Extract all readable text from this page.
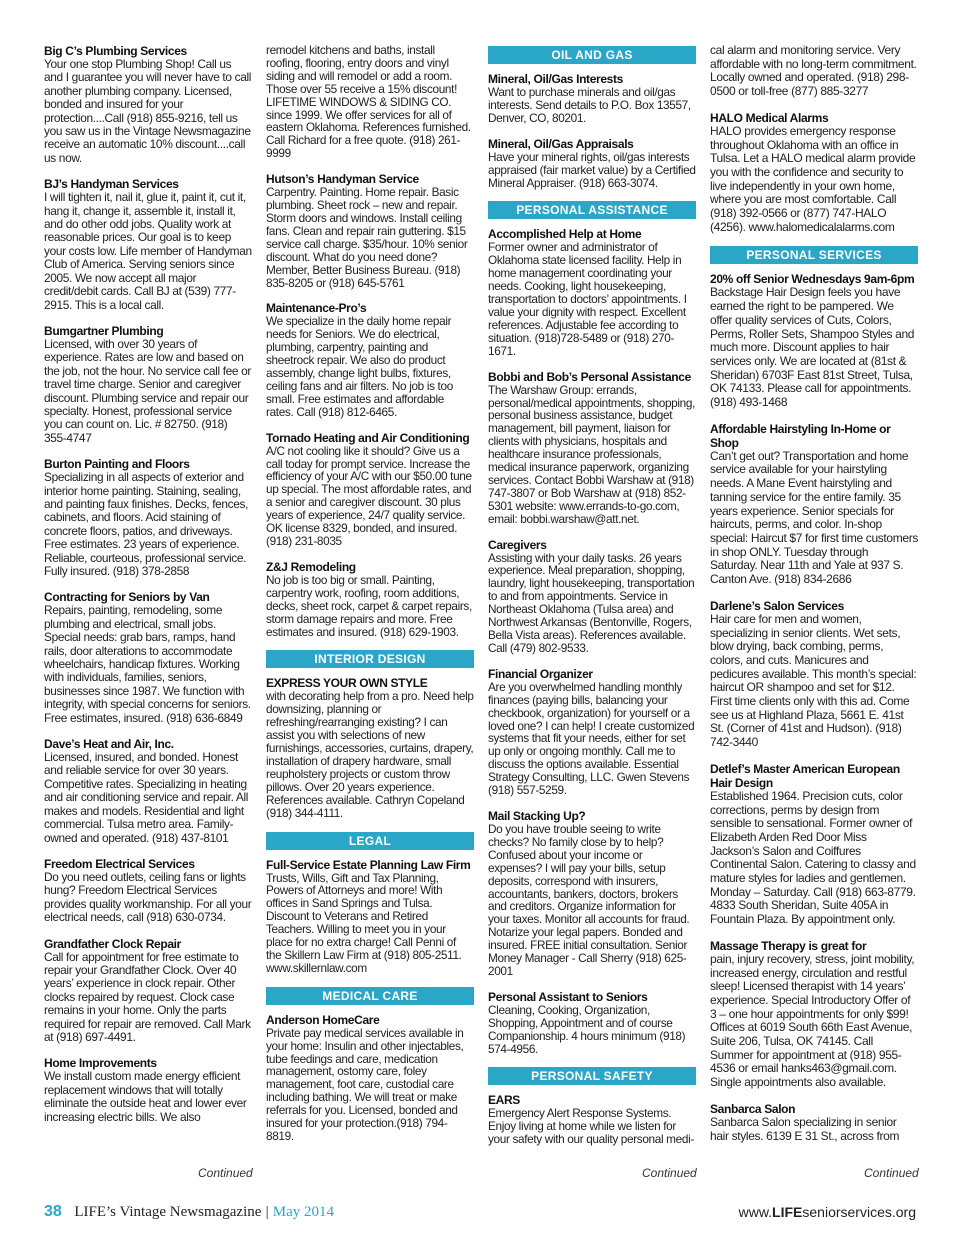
Big C’s Plumbing Services

Your one stop Plumbing Shop! Call us and I guarantee you will never have to call another plumbing company. Licensed, bonded and insured for your protection....Call (918) 855-9216, tell us you saw us in the Vintage Newsmagazine receive an automatic 10% discount....call us now.

BJ’s Handyman Services

I will tighten it, nail it, glue it, paint it, cut it, hang it, change it, assemble it, install it, and do other odd jobs. Quality work at reasonable prices. Our goal is to keep your costs low. Life member of Handyman Club of America. Serving seniors since 2005. We now accept all major credit/debit cards. Call BJ at (539) 777-2915. This is a local call.

Bumgartner Plumbing

Licensed, with over 30 years of experience. Rates are low and based on the job, not the hour. No service call fee or travel time charge. Senior and caregiver discount. Plumbing service and repair our specialty. Honest, professional service you can count on. Lic. # 82750. (918) 355-4747

Burton Painting and Floors

Specializing in all aspects of exterior and interior home painting. Staining, sealing, and painting faux finishes. Decks, fences, cabinets, and floors. Acid staining of concrete floors, patios, and driveways. Free estimates. 23 years of experience. Reliable, courteous, professional service. Fully insured. (918) 378-2858

Contracting for Seniors by Van

Repairs, painting, remodeling, some plumbing and electrical, small jobs. Special needs: grab bars, ramps, hand rails, door alterations to accommodate wheelchairs, handicap fixtures. Working with individuals, families, seniors, businesses since 1987. We function with integrity, with special concerns for seniors. Free estimates, insured. (918) 636-6849

Dave’s Heat and Air, Inc.

Licensed, insured, and bonded. Honest and reliable service for over 30 years. Competitive rates. Specializing in heating and air conditioning service and repair. All makes and models. Residential and light commercial. Tulsa metro area. Family-owned and operated. (918) 437-8101

Freedom Electrical Services

Do you need outlets, ceiling fans or lights hung? Freedom Electrical Services provides quality workmanship. For all your electrical needs, call (918) 630-0734.

Grandfather Clock Repair

Call for appointment for free estimate to repair your Grandfather Clock. Over 40 years’ experience in clock repair. Other clocks repaired by request. Clock case remains in your home. Only the parts required for repair are removed. Call Mark at (918) 697-4491.

Home Improvements

We install custom made energy efficient replacement windows that will totally eliminate the outside heat and lower ever increasing electric bills. We also

remodel kitchens and baths, install roofing, flooring, entry doors and vinyl siding and will remodel or add a room. Those over 55 receive a 15% discount! LIFETIME WINDOWS & SIDING CO. since 1999. We offer services for all of eastern Oklahoma. References furnished. Call Richard for a free quote. (918) 261-9999

Hutson’s Handyman Service

Carpentry. Painting. Home repair. Basic plumbing. Sheet rock – new and repair. Storm doors and windows. Install ceiling fans. Clean and repair rain guttering. $15 service call charge. $35/hour. 10% senior discount. What do you need done? Member, Better Business Bureau. (918) 835-8205 or (918) 645-5761

Maintenance-Pro’s

We specialize in the daily home repair needs for Seniors. We do electrical, plumbing, carpentry, painting and sheetrock repair. We also do product assembly, change light bulbs, fixtures, ceiling fans and air filters. No job is too small. Free estimates and affordable rates. Call (918) 812-6465.

Tornado Heating and Air Conditioning

A/C not cooling like it should? Give us a call today for prompt service. Increase the efficiency of your A/C with our $50.00 tune up special. The most affordable rates, and a senior and caregiver discount. 30 plus years of experience, 24/7 quality service. OK license 8329, bonded, and insured. (918) 231-8035

Z&J Remodeling

No job is too big or small. Painting, carpentry work, roofing, room additions, decks, sheet rock, carpet & carpet repairs, storm damage repairs and more. Free estimates and insured. (918) 629-1903.

INTERIOR DESIGN
EXPRESS YOUR OWN STYLE

with decorating help from a pro. Need help downsizing, planning or refreshing/rearranging existing? I can assist you with selections of new furnishings, accessories, curtains, drapery, installation of drapery hardware, small reupholstery projects or custom throw pillows. Over 20 years experience. References available. Cathryn Copeland (918) 344-4111.

LEGAL
Full-Service Estate Planning Law Firm

Trusts, Wills, Gift and Tax Planning, Powers of Attorneys and more! With offices in Sand Springs and Tulsa. Discount to Veterans and Retired Teachers. Willing to meet you in your place for no extra charge! Call Penni of the Skillern Law Firm at (918) 805-2511. www.skillernlaw.com

MEDICAL CARE
Anderson HomeCare

Private pay medical services available in your home: Insulin and other injectables, tube feedings and care, medication management, ostomy care, foley management, foot care, custodial care including bathing. We will treat or make referrals for you. Licensed, bonded and insured for your protection.(918) 794-8819.

OIL AND GAS
Mineral, Oil/Gas Interests

Want to purchase minerals and oil/gas interests. Send details to P.O. Box 13557, Denver, CO, 80201.

Mineral, Oil/Gas Appraisals

Have your mineral rights, oil/gas interests appraised (fair market value) by a Certified Mineral Appraiser. (918) 663-3074.

PERSONAL ASSISTANCE
Accomplished Help at Home

Former owner and administrator of Oklahoma state licensed facility. Help in home management coordinating your needs. Cooking, light housekeeping, transportation to doctors’ appointments. I value your dignity with respect. Excellent references. Adjustable fee according to situation. (918)728-5489 or (918) 270-1671.

Bobbi and Bob’s Personal Assistance

The Warshaw Group: errands, personal/medical appointments, shopping, personal business assistance, budget management, bill payment, liaison for clients with physicians, hospitals and healthcare insurance professionals, medical insurance paperwork, organizing services. Contact Bobbi Warshaw at (918) 747-3807 or Bob Warshaw at (918) 852-5301 website: www.errands-to-go.com, email: bobbi.warshaw@att.net.

Caregivers

Assisting with your daily tasks. 26 years experience. Meal preparation, shopping, laundry, light housekeeping, transportation to and from appointments. Service in Northeast Oklahoma (Tulsa area) and Northwest Arkansas (Bentonville, Rogers, Bella Vista areas). References available. Call (479) 802-9533.

Financial Organizer

Are you overwhelmed handling monthly finances (paying bills, balancing your checkbook, organization) for yourself or a loved one? I can help! I create customized systems that fit your needs, either for set up only or ongoing monthly. Call me to discuss the options available. Essential Strategy Consulting, LLC. Gwen Stevens (918) 557-5259.

Mail Stacking Up?

Do you have trouble seeing to write checks? No family close by to help? Confused about your income or expenses? I will pay your bills, setup deposits, correspond with insurers, accountants, bankers, doctors, brokers and creditors. Organize information for your taxes. Monitor all accounts for fraud. Notarize your legal papers. Bonded and insured. FREE initial consultation. Senior Money Manager - Call Sherry (918) 625-2001

Personal Assistant to Seniors

Cleaning, Cooking, Organization, Shopping, Appointment and of course Companionship. 4 hours minimum (918) 574-4956.

PERSONAL SAFETY
EARS

Emergency Alert Response Systems. Enjoy living at home while we listen for your safety with our quality personal medi-

cal alarm and monitoring service. Very affordable with no long-term commitment. Locally owned and operated. (918) 298-0500 or toll-free (877) 885-3277

HALO Medical Alarms

HALO provides emergency response throughout Oklahoma with an office in Tulsa. Let a HALO medical alarm provide you with the confidence and security to live independently in your own home, where you are most comfortable. Call (918) 392-0566 or (877) 747-HALO (4256). www.halomedicalalarms.com

PERSONAL SERVICES
20% off Senior Wednesdays 9am-6pm

Backstage Hair Design feels you have earned the right to be pampered. We offer quality services of Cuts, Colors, Perms, Roller Sets, Shampoo Styles and much more. Discount applies to hair services only. We are located at (81st & Sheridan) 6703F East 81st Street, Tulsa, OK 74133. Please call for appointments. (918) 493-1468

Affordable Hairstyling In-Home or Shop

Can’t get out? Transportation and home service available for your hairstyling needs. A Mane Event hairstyling and tanning service for the entire family. 35 years experience. Senior specials for haircuts, perms, and color. In-shop special: Haircut $7 for first time customers in shop ONLY. Tuesday through Saturday. Near 11th and Yale at 937 S. Canton Ave. (918) 834-2686

Darlene’s Salon Services

Hair care for men and women, specializing in senior clients. Wet sets, blow drying, back combing, perms, colors, and cuts. Manicures and pedicures available. This month’s special: haircut OR shampoo and set for $12. First time clients only with this ad. Come see us at Highland Plaza, 5661 E. 41st St. (Corner of 41st and Hudson). (918) 742-3440

Detlef’s Master American European Hair Design

Established 1964. Precision cuts, color corrections, perms by design from sensible to sensational. Former owner of Elizabeth Arden Red Door Miss Jackson’s Salon and Coiffures Continental Salon. Catering to classy and mature styles for ladies and gentlemen. Monday – Saturday. Call (918) 663-8779. 4833 South Sheridan, Suite 405A in Fountain Plaza. By appointment only.

Massage Therapy is great for

pain, injury recovery, stress, joint mobility, increased energy, circulation and restful sleep! Licensed therapist with 14 years’ experience. Special Introductory Offer of 3 – one hour appointments for only $99! Offices at 6019 South 66th East Avenue, Suite 206, Tulsa, OK 74145. Call Summer for appointment at (918) 955-4536 or email hanks463@gmail.com. Single appointments also available.

Sanbarca Salon

Sanbarca Salon specializing in senior hair styles. 6139 E 31 St., across from

Continued	Continued	Continued
38 LIFE’s Vintage Newsmagazine | May 2014	www.LIFEseniorservices.org
